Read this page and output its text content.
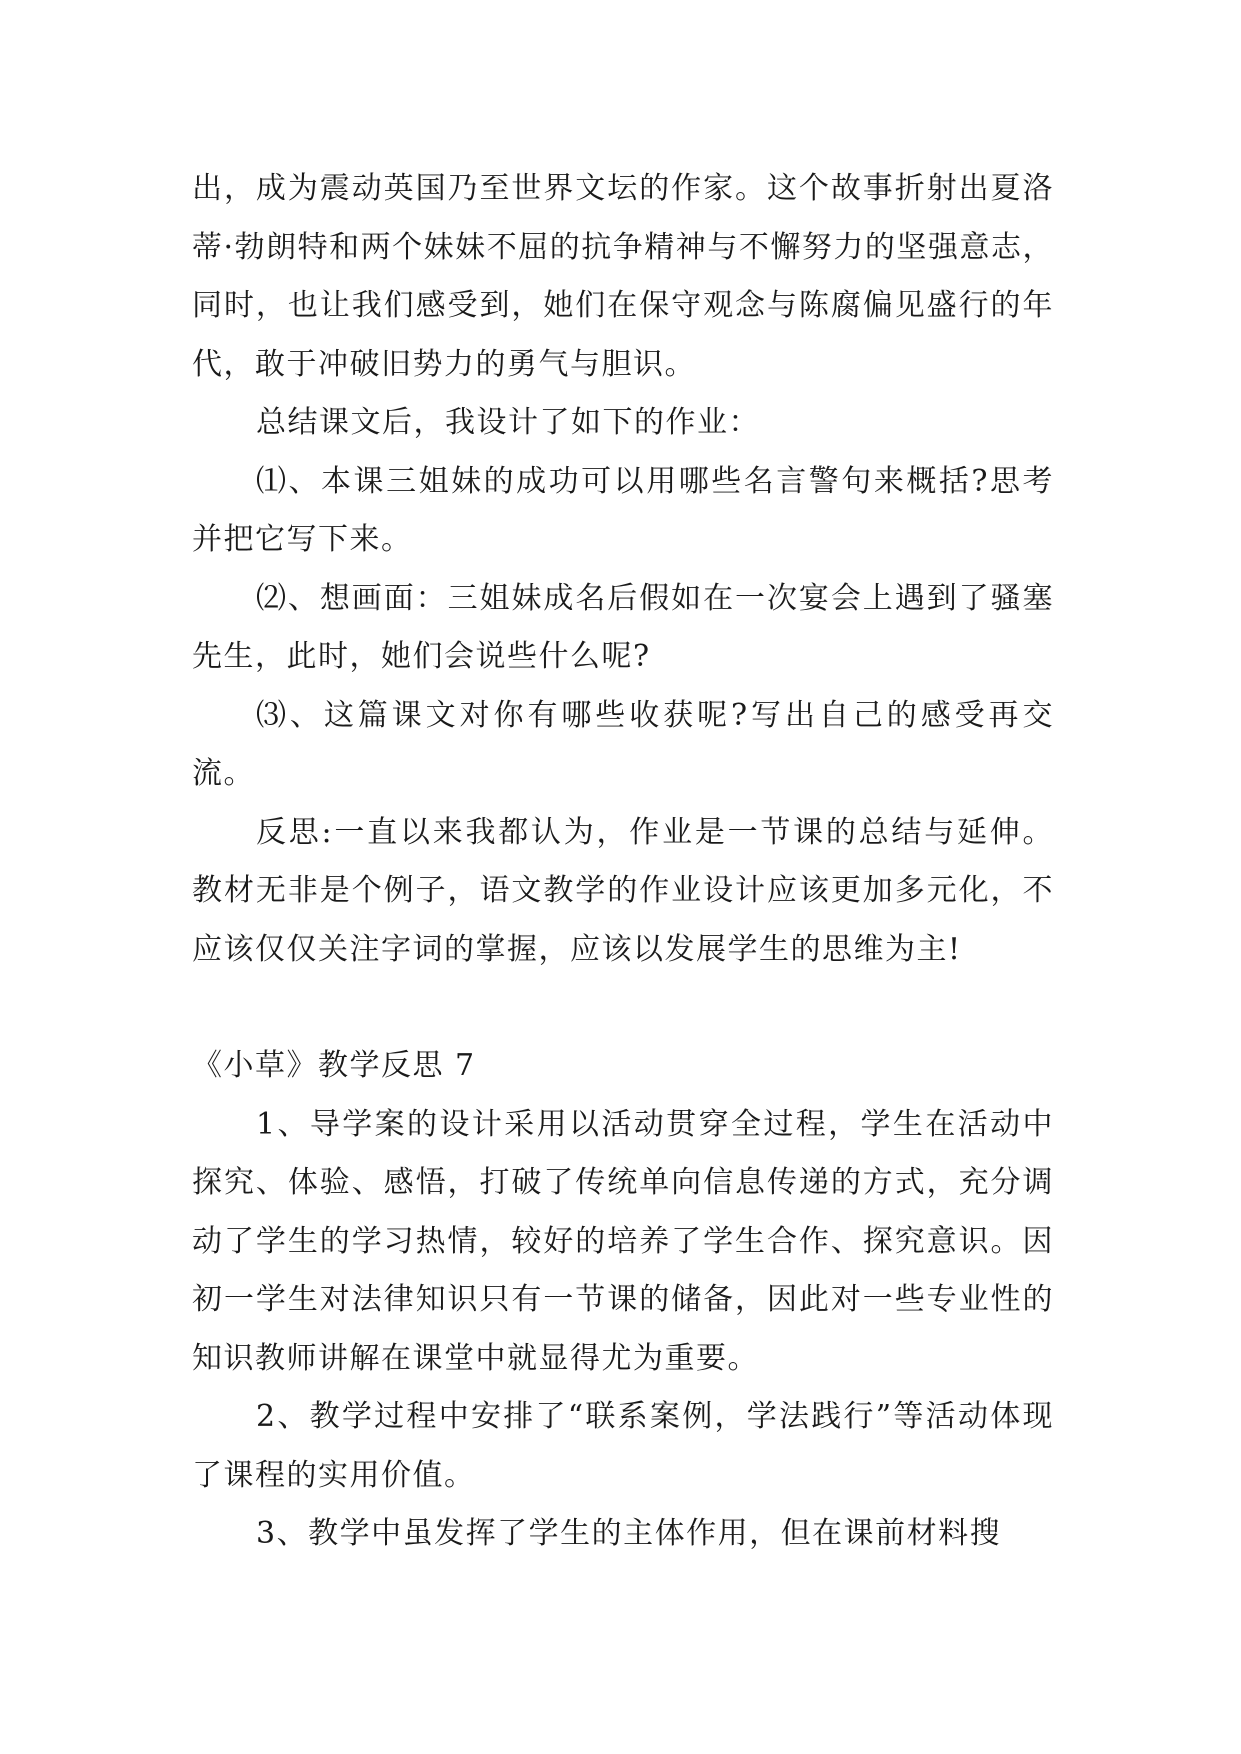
出，成为震动英国乃至世界文坛的作家。这个故事折射出夏洛蒂·勃朗特和两个妹妹不屈的抗争精神与不懈努力的坚强意志，同时，也让我们感受到，她们在保守观念与陈腐偏见盛行的年代，敢于冲破旧势力的勇气与胆识。

总结课文后，我设计了如下的作业：

⑴、本课三姐妹的成功可以用哪些名言警句来概括?思考并把它写下来。

⑵、想画面：三姐妹成名后假如在一次宴会上遇到了骚塞先生，此时，她们会说些什么呢?

⑶、这篇课文对你有哪些收获呢?写出自己的感受再交流。

反思:一直以来我都认为，作业是一节课的总结与延伸。教材无非是个例子，语文教学的作业设计应该更加多元化，不应该仅仅关注字词的掌握，应该以发展学生的思维为主!

《小草》教学反思 7

1、导学案的设计采用以活动贯穿全过程，学生在活动中探究、体验、感悟，打破了传统单向信息传递的方式，充分调动了学生的学习热情，较好的培养了学生合作、探究意识。因初一学生对法律知识只有一节课的储备，因此对一些专业性的知识教师讲解在课堂中就显得尤为重要。

2、教学过程中安排了“联系案例，学法践行”等活动体现了课程的实用价值。

3、教学中虽发挥了学生的主体作用，但在课前材料搜
